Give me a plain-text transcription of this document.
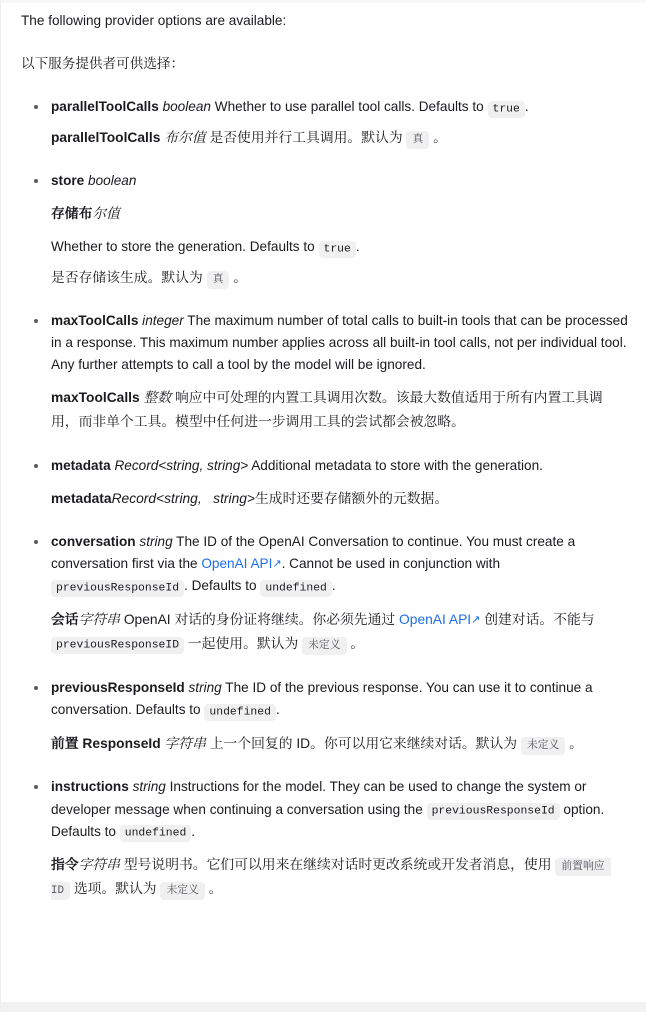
The following provider options are available:

以下服务提供者可供选择：

parallelToolCalls boolean Whether to use parallel tool calls. Defaults to true .
parallelToolCalls 布尔值 是否使用并行工具调用。默认为 真 。
store boolean
存储布尔值
Whether to store the generation. Defaults to true .
是否存储该生成。默认为 真 。
maxToolCalls integer The maximum number of total calls to built-in tools that can be processed in a response. This maximum number applies across all built-in tool calls, not per individual tool. Any further attempts to call a tool by the model will be ignored.
maxToolCalls 整数 响应中可处理的内置工具调用次数。该最大数值适用于所有内置工具调用，而非单个工具。模型中任何进一步调用工具的尝试都会被忽略。
metadata Record<string, string> Additional metadata to store with the generation.
metadataRecord<string,   string>生成时还要存储额外的元数据。
conversation string The ID of the OpenAI Conversation to continue. You must create a conversation first via the OpenAI API↗. Cannot be used in conjunction with previousResponseId . Defaults to undefined .
会话字符串 OpenAI 对话的身份证将继续。你必须先通过 OpenAI API↗ 创建对话。不能与 previousResponseID 一起使用。默认为 未定义 。
previousResponseId string The ID of the previous response. You can use it to continue a conversation. Defaults to undefined .
前置 ResponseId 字符串 上一个回复的 ID。你可以用它来继续对话。默认为 未定义 。
instructions string Instructions for the model. They can be used to change the system or developer message when continuing a conversation using the previousResponseId option. Defaults to undefined .
指令字符串 型号说明书。它们可以用来在继续对话时更改系统或开发者消息，使用 前置响应 ID 选项。默认为 未定义 。
